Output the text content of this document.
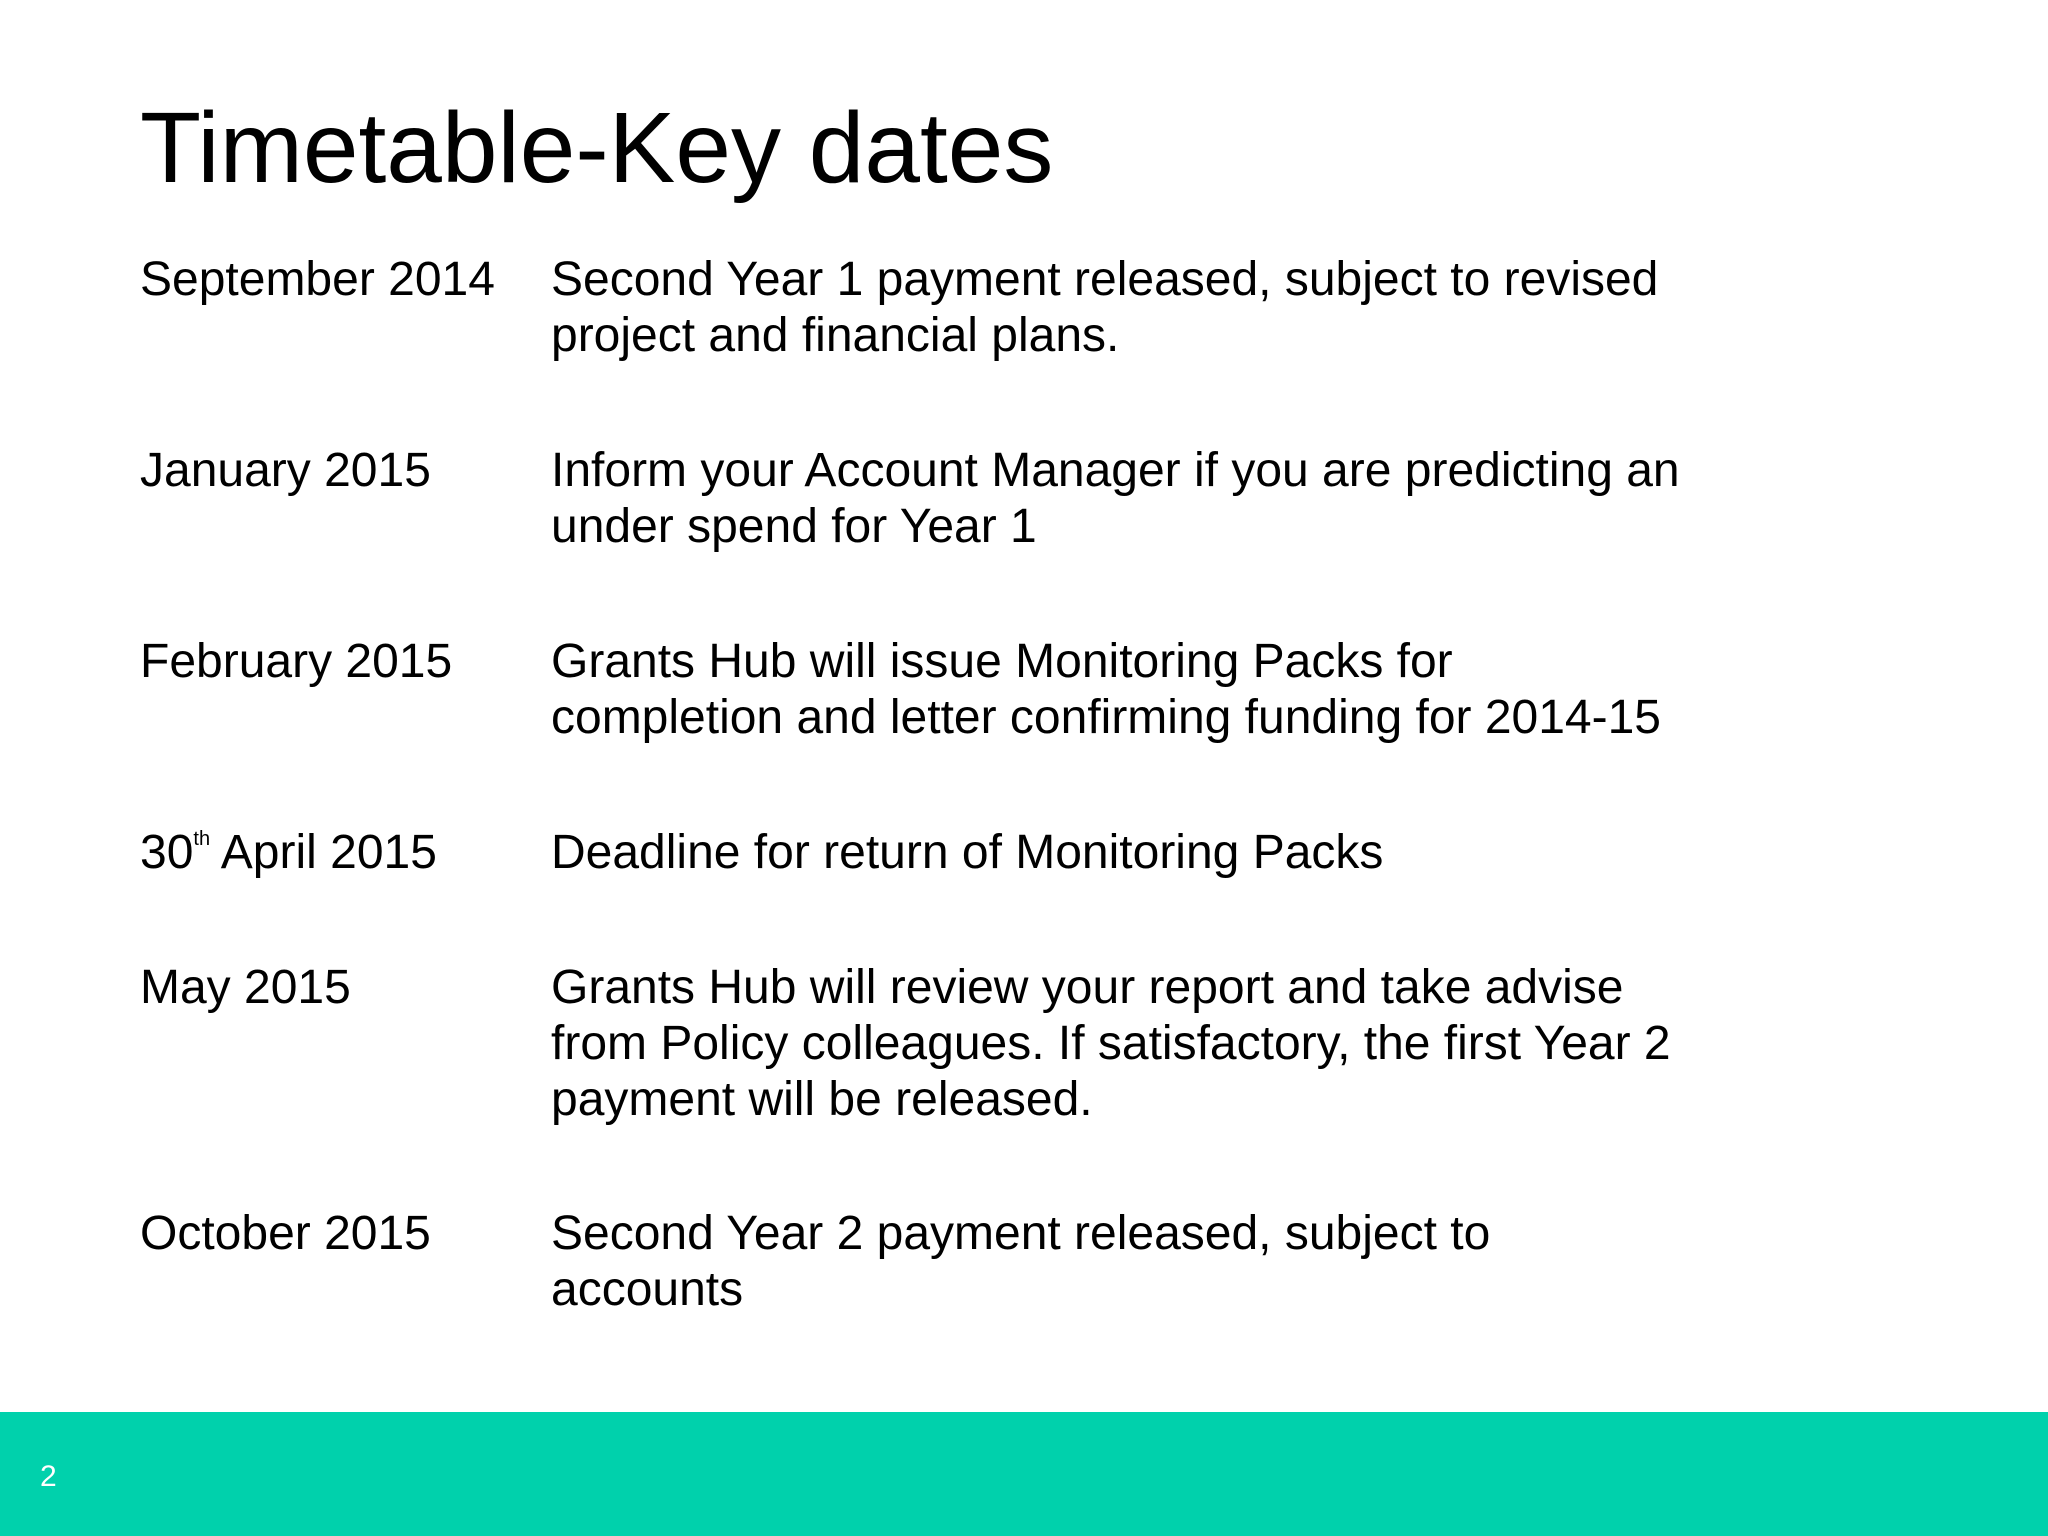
Timetable-Key dates
September 2014 Second Year 1 payment released, subject to revised
project and financial plans.
January 2015	Inform your Account Manager if you are predicting an
under spend for Year 1
February 2015 Grants Hub will issue Monitoring Packs for
completion and letter confirming funding for 2014-15
30th April 2015 Deadline for return of Monitoring Packs
May 2015	Grants Hub will review your report and take advise
from Policy colleagues. If satisfactory, the first Year 2
payment will be released.
October 2015	Second Year 2 payment released, subject to
accounts
2
